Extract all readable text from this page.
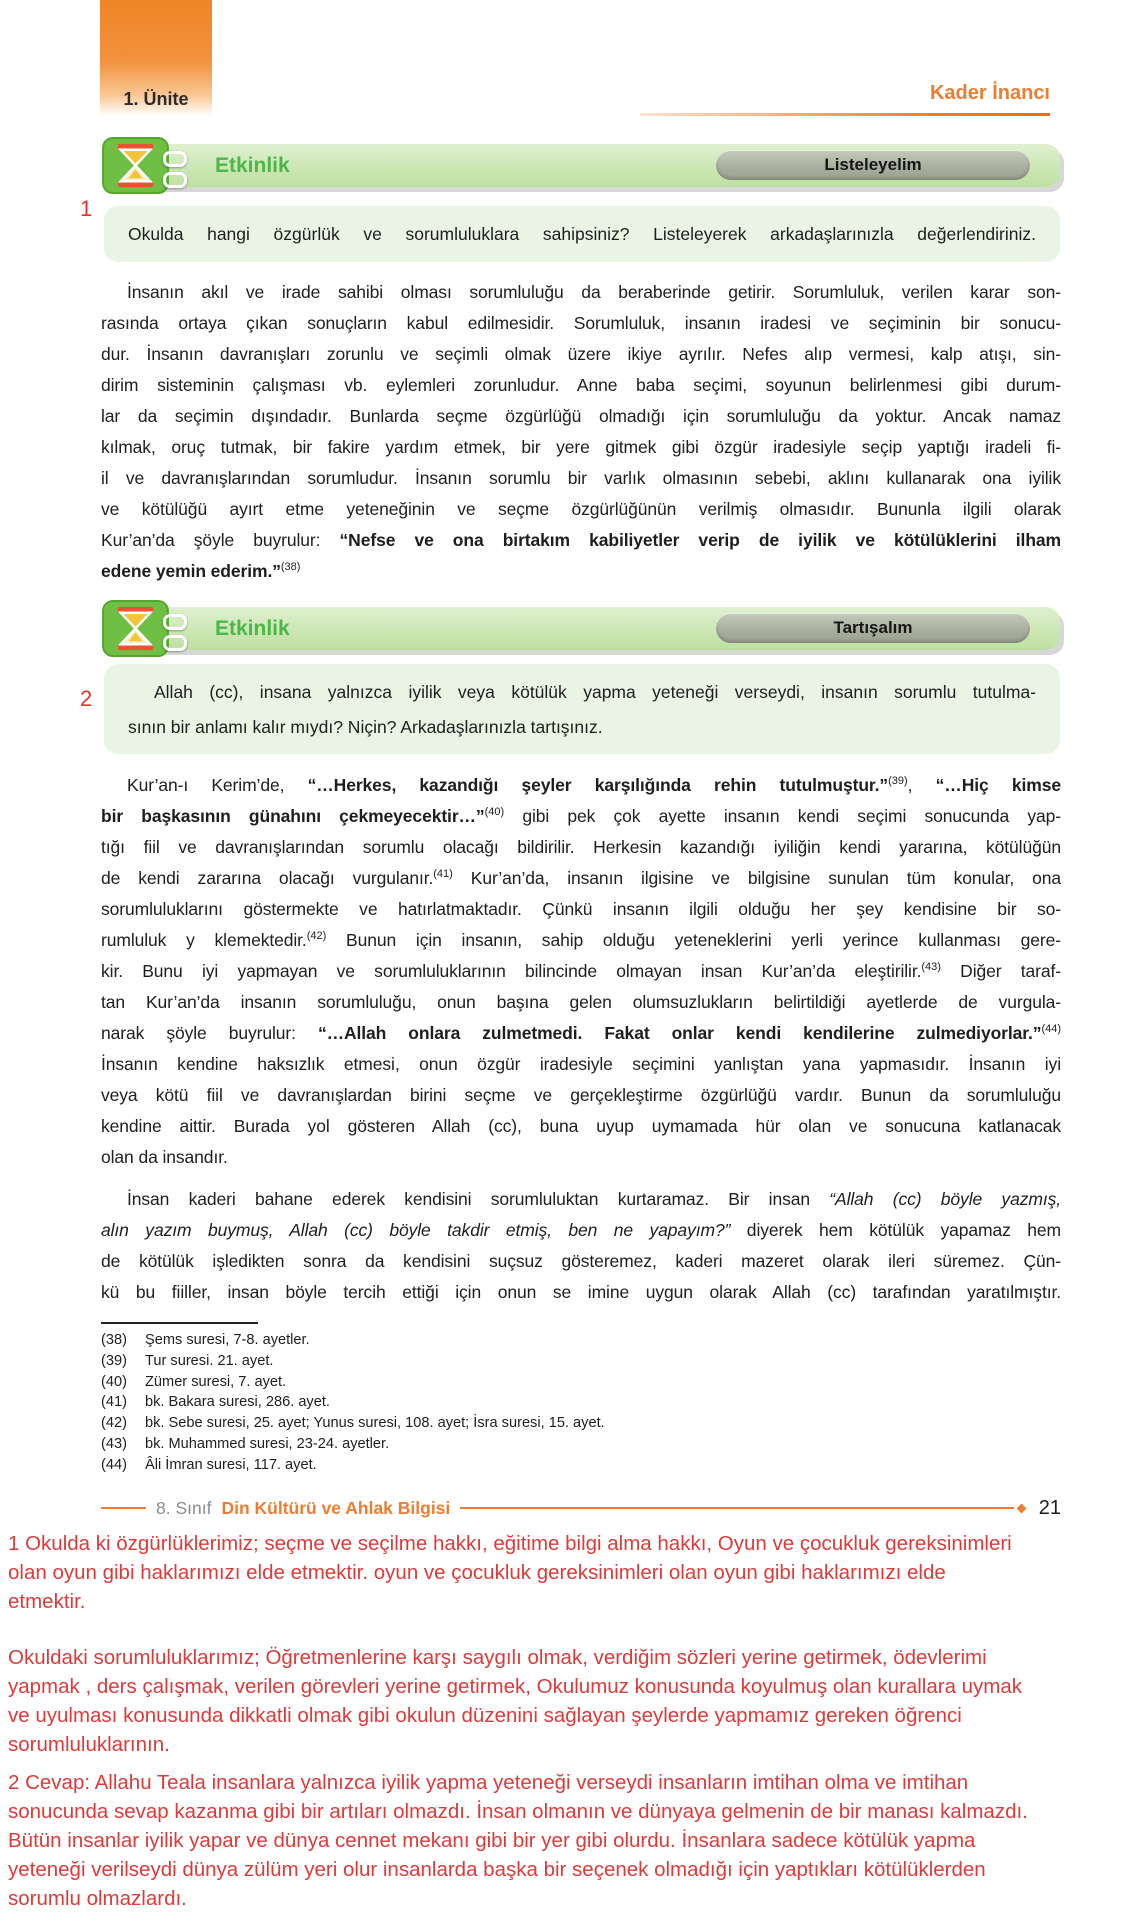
1. Ünite	Kader İnancı
Etkinlik	Listeleyelim
1
Okulda hangi özgürlük ve sorumluluklara sahipsiniz? Listeleyerek arkadaşlarınızla değerlendiriniz.
İnsanın akıl ve irade sahibi olması sorumluluğu da beraberinde getirir. Sorumluluk, verilen karar son-
rasında ortaya çıkan sonuçların kabul edilmesidir. Sorumluluk, insanın iradesi ve seçiminin bir sonucu-
dur. İnsanın davranışları zorunlu ve seçimli olmak üzere ikiye ayrılır. Nefes alıp vermesi, kalp atışı, sin-
dirim sisteminin çalışması vb. eylemleri zorunludur. Anne baba seçimi, soyunun belirlenmesi gibi durum-
lar da seçimin dışındadır. Bunlarda seçme özgürlüğü olmadığı için sorumluluğu da yoktur. Ancak namaz
kılmak, oruç tutmak, bir fakire yardım etmek, bir yere gitmek gibi özgür iradesiyle seçip yaptığı iradeli fi-
il ve davranışlarından sorumludur. İnsanın sorumlu bir varlık olmasının sebebi, aklını kullanarak ona iyilik
ve kötülüğü ayırt etme yeteneğinin ve seçme özgürlüğünün verilmiş olmasıdır. Bununla ilgili olarak
Kur’an’da şöyle buyrulur: “Nefse ve ona birtakım kabiliyetler verip de iyilik ve kötülüklerini ilham
edene yemin ederim.”$^{(38)}$
Etkinlik	Tartışalım
2	Allah (cc), insana yalnızca iyilik veya kötülük yapma yeteneği verseydi, insanın sorumlu tutulma-
sının bir anlamı kalır mıydı? Niçin? Arkadaşlarınızla tartışınız.
Kur’an-ı Kerim’de, “…Herkes, kazandığı şeyler karşılığında rehin tutulmuştur.”$^{(39)}$, “…Hiç kimse
bir başkasının günahını çekmeyecektir…”$^{(40)}$ gibi pek çok ayette insanın kendi seçimi sonucunda yap-
tığı fiil ve davranışlarından sorumlu olacağı bildirilir. Herkesin kazandığı iyiliğin kendi yararına, kötülüğün
de kendi zararına olacağı vurgulanır.$^{(41)}$ Kur’an’da, insanın ilgisine ve bilgisine sunulan tüm konular, ona
sorumluluklarını göstermekte ve hatırlatmaktadır. Çünkü insanın ilgili olduğu her şey kendisine bir so-
rumluluk y klemektedir.$^{(42)}$ Bunun için insanın, sahip olduğu yeteneklerini yerli yerince kullanması gere-
kir. Bunu iyi yapmayan ve sorumluluklarının bilincinde olmayan insan Kur’an’da eleştirilir.$^{(43)}$ Diğer taraf-
tan Kur’an’da insanın sorumluluğu, onun başına gelen olumsuzlukların belirtildiği ayetlerde de vurgula-
narak şöyle buyrulur: “…Allah onlara zulmetmedi. Fakat onlar kendi kendilerine zulmediyorlar.”$^{(44)}$
İnsanın kendine haksızlık etmesi, onun özgür iradesiyle seçimini yanlıştan yana yapmasıdır. İnsanın iyi
veya kötü fiil ve davranışlardan birini seçme ve gerçekleştirme özgürlüğü vardır. Bunun da sorumluluğu
kendine aittir. Burada yol gösteren Allah (cc), buna uyup uymamada hür olan ve sonucuna katlanacak
olan da insandır.
İnsan kaderi bahane ederek kendisini sorumluluktan kurtaramaz. Bir insan “Allah (cc) böyle yazmış,
alın yazım buymuş, Allah (cc) böyle takdir etmiş, ben ne yapayım?” diyerek hem kötülük yapamaz hem
de kötülük işledikten sonra da kendisini suçsuz gösteremez, kaderi mazeret olarak ileri süremez. Çün-
kü bu fiiller, insan böyle tercih ettiği için onun se imine uygun olarak Allah (cc) tarafından yaratılmıştır.
(38) Şems suresi, 7-8. ayetler.
(39) Tur suresi. 21. ayet.
(40) Zümer suresi, 7. ayet.
(41) bk. Bakara suresi, 286. ayet.
(42) bk. Sebe suresi, 25. ayet; Yunus suresi, 108. ayet; İsra suresi, 15. ayet.
(43) bk. Muhammed suresi, 23-24. ayetler.
(44) Âli İmran suresi, 117. ayet.
8. Sınıf Din Kültürü ve Ahlak Bilgisi	21
1 Okulda ki özgürlüklerimiz; seçme ve seçilme hakkı, eğitime bilgi alma hakkı, Oyun ve çocukluk gereksinimleri
olan oyun gibi haklarımızı elde etmektir. oyun ve çocukluk gereksinimleri olan oyun gibi haklarımızı elde
etmektir.
Okuldaki sorumluluklarımız; Öğretmenlerine karşı saygılı olmak, verdiğim sözleri yerine getirmek, ödevlerimi
yapmak , ders çalışmak, verilen görevleri yerine getirmek, Okulumuz konusunda koyulmuş olan kurallara uymak
ve uyulması konusunda dikkatli olmak gibi okulun düzenini sağlayan şeylerde yapmamız gereken öğrenci
sorumluluklarının.
2 Cevap: Allahu Teala insanlara yalnızca iyilik yapma yeteneği verseydi insanların imtihan olma ve imtihan
sonucunda sevap kazanma gibi bir artıları olmazdı. İnsan olmanın ve dünyaya gelmenin de bir manası kalmazdı.
Bütün insanlar iyilik yapar ve dünya cennet mekanı gibi bir yer gibi olurdu. İnsanlara sadece kötülük yapma
yeteneği verilseydi dünya zülüm yeri olur insanlarda başka bir seçenek olmadığı için yaptıkları kötülüklerden
sorumlu olmazlardı.
